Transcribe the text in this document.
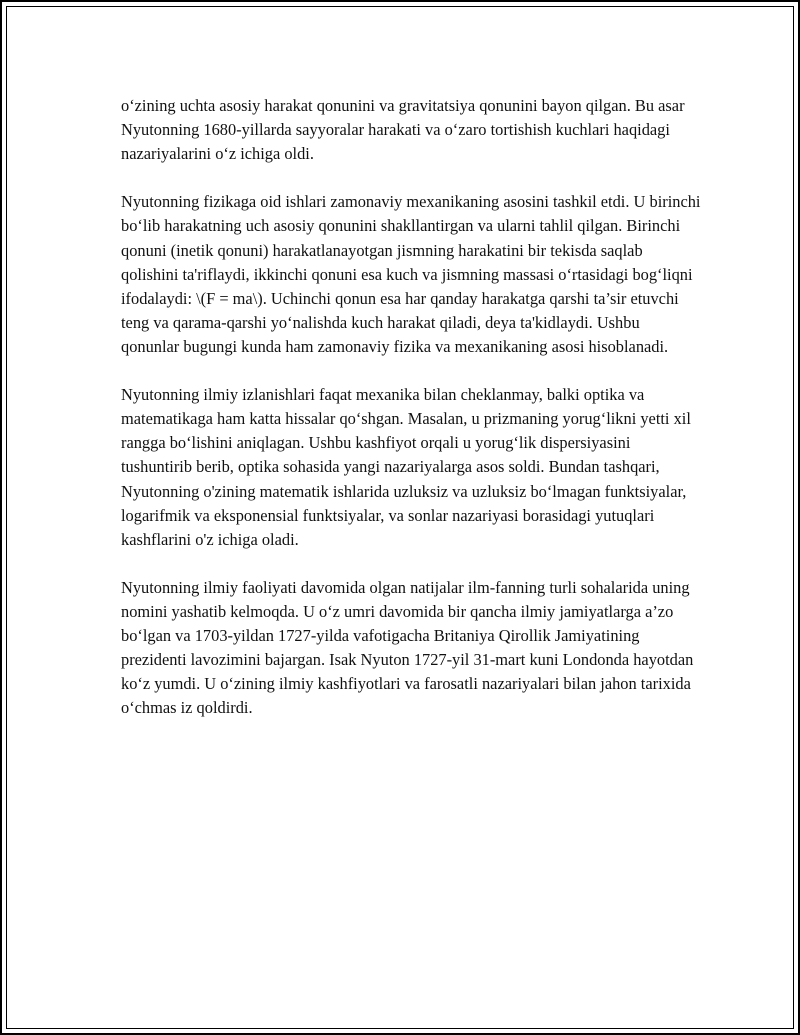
o‘zining uchta asosiy harakat qonunini va gravitatsiya qonunini bayon qilgan. Bu asar Nyutonning 1680-yillarda sayyoralar harakati va o‘zaro tortishish kuchlari haqidagi nazariyalarini o‘z ichiga oldi.

Nyutonning fizikaga oid ishlari zamonaviy mexanikaning asosini tashkil etdi. U birinchi bo‘lib harakatning uch asosiy qonunini shakllantirgan va ularni tahlil qilgan. Birinchi qonuni (inetik qonuni) harakatlanayotgan jismning harakatini bir tekisda saqlab qolishini ta'riflaydi, ikkinchi qonuni esa kuch va jismning massasi o‘rtasidagi bog‘liqni ifodalaydi: \(F = ma\). Uchinchi qonun esa har qanday harakatga qarshi ta’sir etuvchi teng va qarama-qarshi yo‘nalishda kuch harakat qiladi, deya ta'kidlaydi. Ushbu qonunlar bugungi kunda ham zamonaviy fizika va mexanikaning asosi hisoblanadi.

Nyutonning ilmiy izlanishlari faqat mexanika bilan cheklanmay, balki optika va matematikaga ham katta hissalar qo‘shgan. Masalan, u prizmaning yorug‘likni yetti xil rangga bo‘lishini aniqlagan. Ushbu kashfiyot orqali u yorug‘lik dispersiyasini tushuntirib berib, optika sohasida yangi nazariyalarga asos soldi. Bundan tashqari, Nyutonning o'zining matematik ishlarida uzluksiz va uzluksiz bo‘lmagan funktsiyalar, logarifmik va eksponensial funktsiyalar, va sonlar nazariyasi borasidagi yutuqlari kashflarini o'z ichiga oladi.

Nyutonning ilmiy faoliyati davomida olgan natijalar ilm-fanning turli sohalarida uning nomini yashatib kelmoqda. U o‘z umri davomida bir qancha ilmiy jamiyatlarga a’zo bo‘lgan va 1703-yildan 1727-yilda vafotigacha Britaniya Qirollik Jamiyatining prezidenti lavozimini bajargan. Isak Nyuton 1727-yil 31-mart kuni Londonda hayotdan ko‘z yumdi. U o‘zining ilmiy kashfiyotlari va farosatli nazariyalari bilan jahon tarixida o‘chmas iz qoldirdi.
